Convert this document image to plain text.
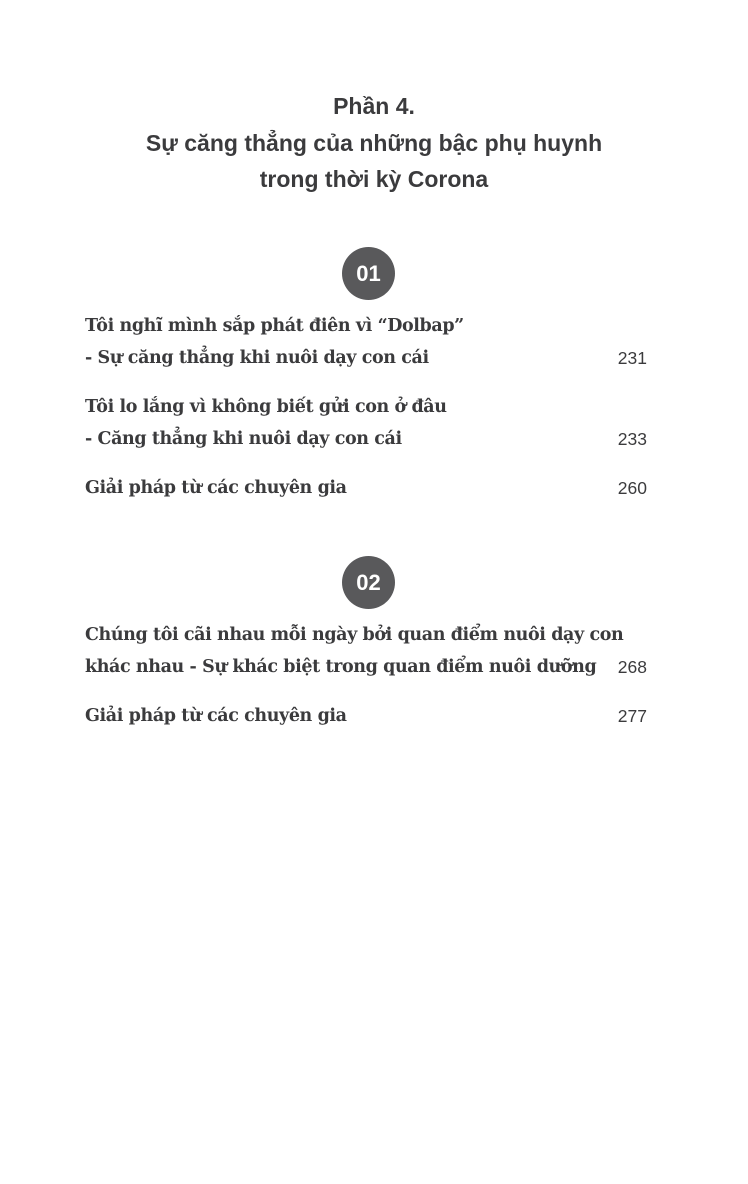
Phần 4.
Sự căng thẳng của những bậc phụ huynh
trong thời kỳ Corona
01
Tôi nghĩ mình sắp phát điên vì “Dolbap”
- Sự căng thẳng khi nuôi dạy con cái	231
Tôi lo lắng vì không biết gửi con ở đâu
- Căng thẳng khi nuôi dạy con cái	233
Giải pháp từ các chuyên gia	260
02
Chúng tôi cãi nhau mỗi ngày bởi quan điểm nuôi dạy con
khác nhau - Sự khác biệt trong quan điểm nuôi dưỡng	268
Giải pháp từ các chuyên gia	277
